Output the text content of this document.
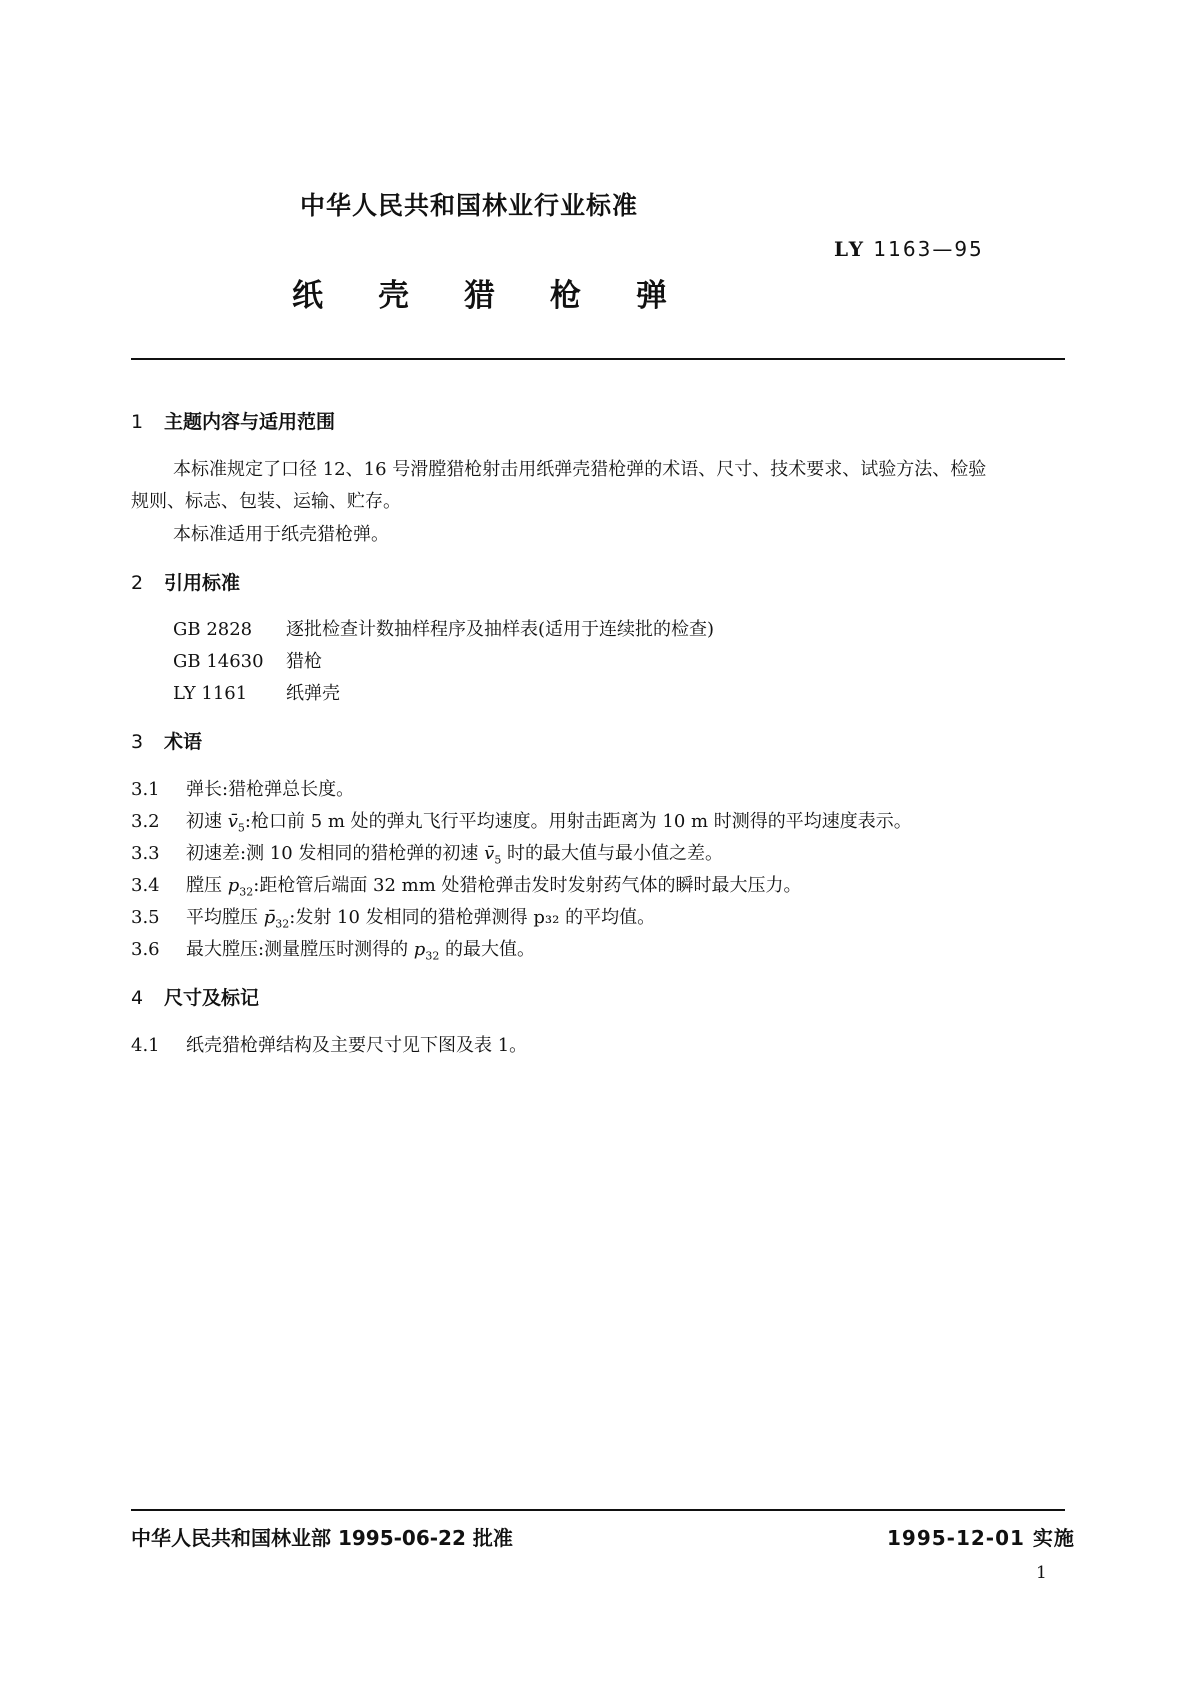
中华人民共和国林业行业标准
LY 1163—95
纸 壳 猎 枪 弹
1 主题内容与适用范围
本标准规定了口径 12、16 号滑膛猎枪射击用纸弹壳猎枪弹的术语、尺寸、技术要求、试验方法、检验
规则、标志、包装、运输、贮存。
本标准适用于纸壳猎枪弹。
2 引用标准
GB 2828 逐批检查计数抽样程序及抽样表(适用于连续批的检查)
GB 14630 猎枪
LY 1161 纸弹壳
3 术语
3.1 弹长:猎枪弹总长度。
3.2 初速 $v̄_5$:枪口前 5 m 处的弹丸飞行平均速度。用射击距离为 10 m 时测得的平均速度表示。
3.3 初速差:测 10 发相同的猎枪弹的初速 $v̄_5$ 时的最大值与最小值之差。
3.4 膛压 $p_{32}$:距枪管后端面 32 mm 处猎枪弹击发时发射药气体的瞬时最大压力。
3.5 平均膛压 $p̄_{32}$:发射 10 发相同的猎枪弹测得 p₃₂ 的平均值。
3.6 最大膛压:测量膛压时测得的 $p_{32}$ 的最大值。
4 尺寸及标记
4.1 纸壳猎枪弹结构及主要尺寸见下图及表 1。
中华人民共和国林业部 1995-06-22 批准	1995-12-01 实施
1
